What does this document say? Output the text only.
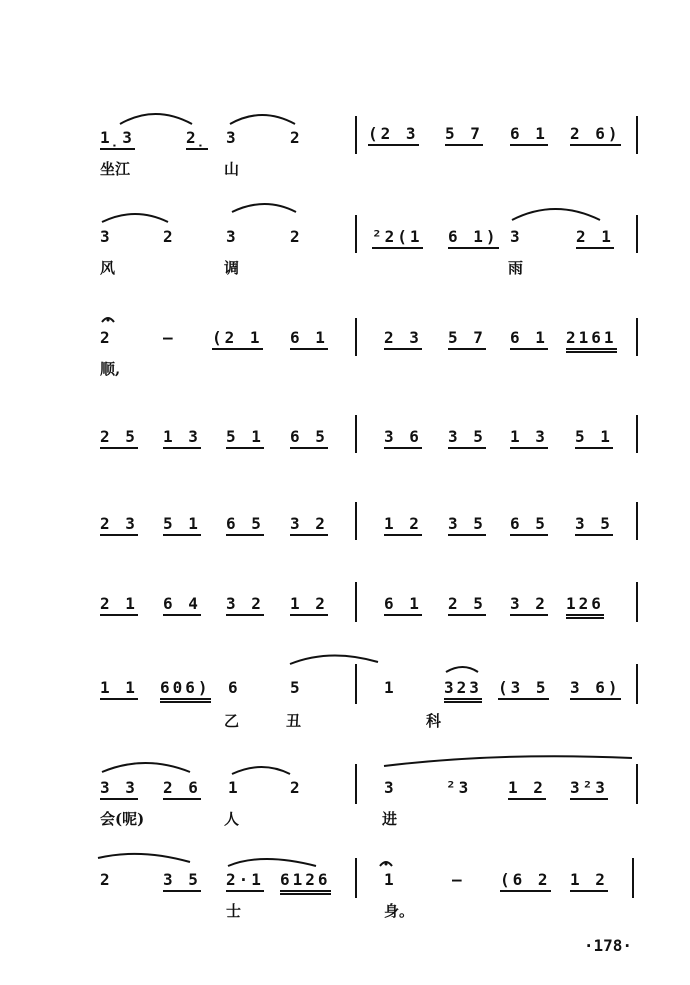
1̣3	2̣ 3	2	(2 3 5 7 6 1 2 6)
坐江	山
3	2	3	2	²2(1 6 1) 3	2 1
风	调	雨
2	– (2 1 6 1	2 3 5 7 6 1 2161
顺,
2 5 1 3 5 1 6 5	3 6 3 5 1 3 5 1
2 3 5 1 6 5 3 2	1 2 3 5 6 5 3 5
2 1 6 4 3 2 1 2	6 1 2 5 3 2 126
1 1 606) 6	5	1	323 (3 5 3 6)
乙	丑	科
3 3 2 6 1	2	3	²3 1 2 3²3
会(呢)	人	进
2	3 5 2·1 6126	1	– (6 2 1 2
士	身。
·178·
